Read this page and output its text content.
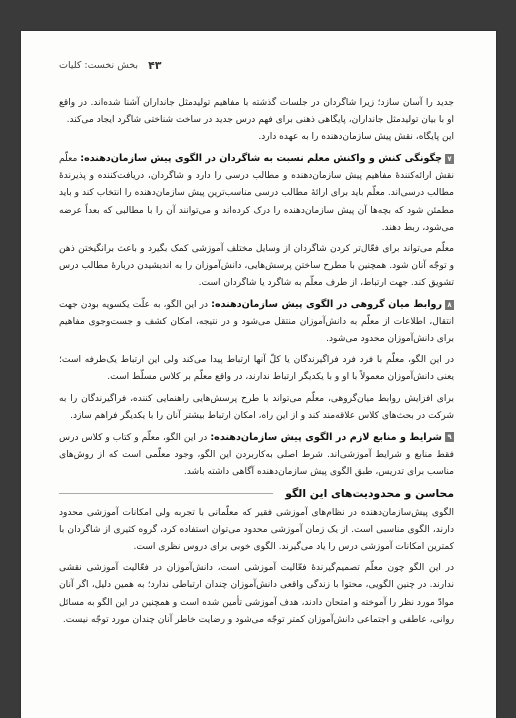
۴۳
بخش نخست: کلیات

جدید را آسان سازد؛ زیرا شاگردان در جلسات گذشته با مفاهیم تولیدمثل جانداران آشنا شده‌اند. در واقع او با بیان تولیدمثل جانداران، پایگاهی ذهنی برای فهم درس جدید در ساخت شناختی شاگرد ایجاد می‌کند.
این پایگاه، نقش پیش سازمان‌دهنده را به عهده دارد.

۷چگونگی کنش و واکنش معلم نسبت به شاگردان در الگوی پیش سازمان‌دهنده: معلّم نقش ارائه‌کنندهٔ مفاهیم پیش سازمان‌دهنده و مطالب درسی را دارد و شاگردان، دریافت‌کننده و پذیرندهٔ مطالب درسی‌اند. معلّم باید برای ارائهٔ مطالب درسی مناسب‌ترین پیش سازمان‌دهنده را انتخاب کند و باید مطمئن شود که بچه‌ها آن پیش سازمان‌دهنده را درک کرده‌اند و می‌توانند آن را با مطالبی که بعداً عرضه می‌شود، ربط دهند.

معلّم می‌تواند برای فعّال‌تر کردن شاگردان از وسایل مختلف آموزشی کمک بگیرد و باعث برانگیختن ذهن و توجّه آنان شود. همچنین با مطرح ساختن پرسش‌هایی، دانش‌آموزان را به اندیشیدن دربارهٔ مطالب درس تشویق کند. جهت ارتباط، از طرف معلّم به شاگرد یا شاگردان است.

۸روابط میان گروهی در الگوی پیش سازمان‌دهنده: در این الگو، به علّت یکسویه بودن جهت انتقال، اطلاعات از معلّم به دانش‌آموزان منتقل می‌شود و در نتیجه، امکان کشف و جست‌وجوی مفاهیم برای دانش‌آموزان محدود می‌شود.

در این الگو، معلّم با فرد فرد فراگیرندگان یا کلّ آنها ارتباط پیدا می‌کند ولی این ارتباط یک‌طرفه است؛ یعنی دانش‌آموزان معمولاً با او و با یکدیگر ارتباط ندارند، در واقع معلّم بر کلاس مسلّط است.

برای افزایش روابط میان‌گروهی، معلّم می‌تواند با طرح پرسش‌هایی راهنمایی کننده، فراگیرندگان را به شرکت در بحث‌های کلاس علاقه‌مند کند و از این راه، امکان ارتباط بیشتر آنان را با یکدیگر فراهم سازد.

۹شرایط و منابع لازم در الگوی پیش سازمان‌دهنده: در این الگو، معلّم و کتاب و کلاس درس فقط منابع و شرایط آموزشی‌اند. شرط اصلی به‌کاربردن این الگو، وجود معلّمی است که از روش‌های مناسب برای تدریس، طبق الگوی پیش سازمان‌دهنده آگاهی داشته باشد.

محاسن و محدودیت‌های این الگو

الگوی پیش‌سازمان‌دهنده در نظام‌های آموزشی فقیر که معلّمانی با تجربه ولی امکانات آموزشی محدود دارند، الگوی مناسبی است. از یک زمان آموزشی محدود می‌توان استفاده کرد، گروه کثیری از شاگردان با کمترین امکانات آموزشی درس را یاد می‌گیرند. الگوی خوبی برای دروس نظری است.

در این الگو چون معلّم تصمیم‌گیرندهٔ فعّالیت آموزشی است، دانش‌آموزان در فعّالیت آموزشی نقشی ندارند. در چنین الگویی، محتوا با زندگی واقعی دانش‌آموزان چندان ارتباطی ندارد؛ به همین دلیل، اگر آنان موادّ مورد نظر را آموخته و امتحان دادند، هدف آموزشی تأمین شده است و همچنین در این الگو به مسائل روانی، عاطفی و اجتماعی دانش‌آموزان کمتر توجّه می‌شود و رضایت خاطر آنان چندان مورد توجّه نیست.
